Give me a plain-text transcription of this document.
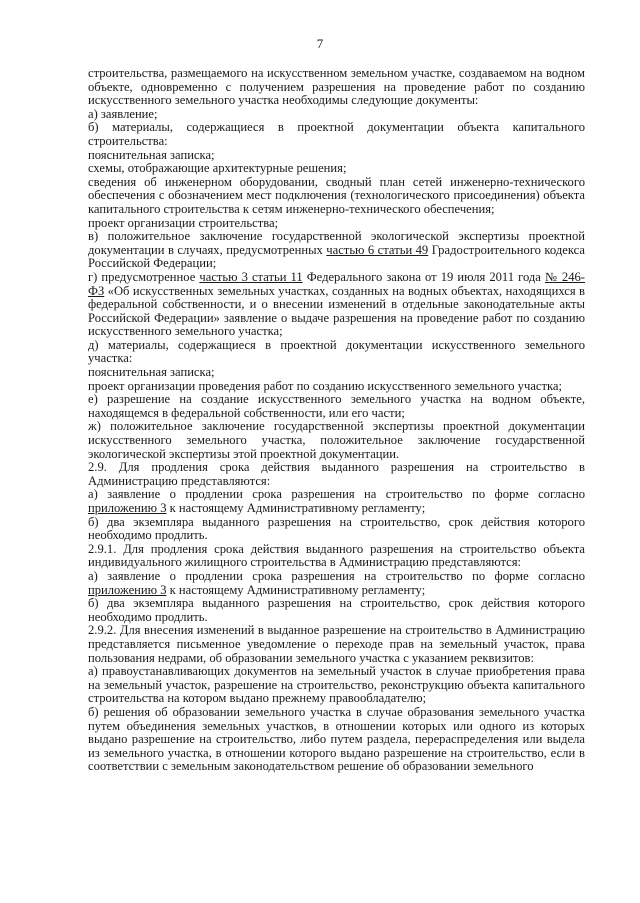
7

строительства, размещаемого на искусственном земельном участке, создаваемом на водном объекте, одновременно с получением разрешения на проведение работ по созданию искусственного земельного участка необходимы следующие документы:

а) заявление;

б) материалы, содержащиеся в проектной документации объекта капитального строительства:

пояснительная записка;

схемы, отображающие архитектурные решения;

сведения об инженерном оборудовании, сводный план сетей инженерно-технического обеспечения с обозначением мест подключения (технологического присоединения) объекта капитального строительства к сетям инженерно-технического обеспечения;

проект организации строительства;

в) положительное заключение государственной экологической экспертизы проектной документации в случаях, предусмотренных частью 6 статьи 49 Градостроительного кодекса Российской Федерации;

г) предусмотренное частью 3 статьи 11 Федерального закона от 19 июля 2011 года № 246-ФЗ «Об искусственных земельных участках, созданных на водных объектах, находящихся в федеральной собственности, и о внесении изменений в отдельные законодательные акты Российской Федерации» заявление о выдаче разрешения на проведение работ по созданию искусственного земельного участка;

д) материалы, содержащиеся в проектной документации искусственного земельного участка:

пояснительная записка;

проект организации проведения работ по созданию искусственного земельного участка;

е) разрешение на создание искусственного земельного участка на водном объекте, находящемся в федеральной собственности, или его части;

ж) положительное заключение государственной экспертизы проектной документации искусственного земельного участка, положительное заключение государственной экологической экспертизы этой проектной документации.

2.9. Для продления срока действия выданного разрешения на строительство в Администрацию представляются:

а) заявление о продлении срока разрешения на строительство по форме согласно приложению 3 к настоящему Административному регламенту;

б) два экземпляра выданного разрешения на строительство, срок действия которого необходимо продлить.

2.9.1. Для продления срока действия выданного разрешения на строительство объекта индивидуального жилищного строительства в Администрацию представляются:

а) заявление о продлении срока разрешения на строительство по форме согласно приложению 3 к настоящему Административному регламенту;

б) два экземпляра выданного разрешения на строительство, срок действия которого необходимо продлить.

2.9.2. Для внесения изменений в выданное разрешение на строительство в Администрацию представляется письменное уведомление о переходе прав на земельный участок, права пользования недрами, об образовании земельного участка с указанием реквизитов:

а) правоустанавливающих документов на земельный участок в случае приобретения права на земельный участок, разрешение на строительство, реконструкцию объекта капитального строительства на котором выдано прежнему правообладателю;

б) решения об образовании земельного участка в случае образования земельного участка путем объединения земельных участков, в отношении которых или одного из которых выдано разрешение на строительство, либо путем раздела, перераспределения или выдела из земельного участка, в отношении которого выдано разрешение на строительство, если в соответствии с земельным законодательством решение об образовании земельного
